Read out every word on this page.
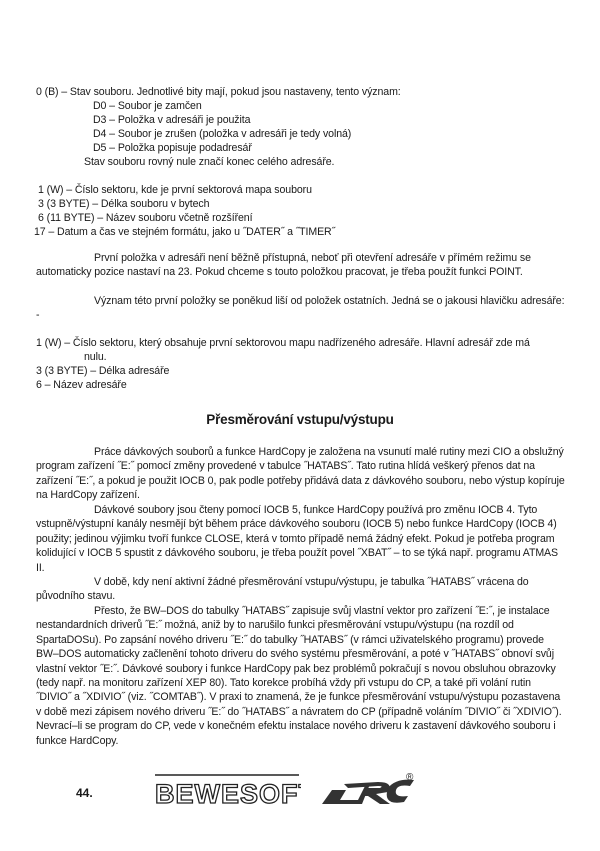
0 (B) – Stav souboru. Jednotlivé bity mají, pokud jsou nastaveny, tento význam:
D0 – Soubor je zamčen
D3 – Položka v adresáři je použita
D4 – Soubor je zrušen (položka v adresáři je tedy volná)
D5 – Položka popisuje podadresář
Stav souboru rovný nule značí konec celého adresáře.
1 (W) – Číslo sektoru, kde je první sektorová mapa souboru
3 (3 BYTE) – Délka souboru v bytech
6 (11 BYTE) – Název souboru včetně rozšíření
17 – Datum a čas ve stejném formátu, jako u ˝DATER˝ a ˝TIMER˝
První položka v adresáři není běžně přístupná, neboť při otevření adresáře v přímém režimu se automaticky pozice nastaví na 23. Pokud chceme s touto položkou pracovat, je třeba použít funkci POINT.
Význam této první položky se poněkud liší od položek ostatních. Jedná se o jakousi hlavičku adresáře: -
1 (W) – Číslo sektoru, který obsahuje první sektorovou mapu nadřízeného adresáře. Hlavní adresář zde má
nulu.
3 (3 BYTE) – Délka adresáře
6 – Název adresáře
Přesměrování vstupu/výstupu
Práce dávkových souborů a funkce HardCopy je založena na vsunutí malé rutiny mezi CIO a obslužný program zařízení ˝E:˝ pomocí změny provedené v tabulce ˝HATABS˝. Tato rutina hlídá veškerý přenos dat na zařízení ˝E:˝, a pokud je použit IOCB 0, pak podle potřeby přidává data z dávkového souboru, nebo výstup kopíruje na HardCopy zařízení.
Dávkové soubory jsou čteny pomocí IOCB 5, funkce HardCopy používá pro změnu IOCB 4. Tyto vstupně/výstupní kanály nesmějí být během práce dávkového souboru (IOCB 5) nebo funkce HardCopy (IOCB 4) použity; jedinou výjimku tvoří funkce CLOSE, která v tomto případě nemá žádný efekt. Pokud je potřeba program kolidující v IOCB 5 spustit z dávkového souboru, je třeba použít povel ˝XBAT˝ – to se týká např. programu ATMAS II.
V době, kdy není aktivní žádné přesměrování vstupu/výstupu, je tabulka ˝HATABS˝ vrácena do původního stavu.
Přesto, že BW–DOS do tabulky ˝HATABS˝ zapisuje svůj vlastní vektor pro zařízení ˝E:˝, je instalace nestandardních driverů ˝E:˝ možná, aniž by to narušilo funkci přesměrování vstupu/výstupu (na rozdíl od SpartaDOSu). Po zapsání nového driveru ˝E:˝ do tabulky ˝HATABS˝ (v rámci uživatelského programu) provede BW–DOS automaticky začlenění tohoto driveru do svého systému přesměrování, a poté v ˝HATABS˝ obnoví svůj vlastní vektor ˝E:˝. Dávkové soubory i funkce HardCopy pak bez problémů pokračují s novou obsluhou obrazovky (tedy např. na monitoru zařízení XEP 80). Tato korekce probíhá vždy při vstupu do CP, a také při volání rutin ˝DIVIO˝ a ˝XDIVIO˝ (viz. ˝COMTAB˝). V praxi to znamená, že je funkce přesměrování vstupu/výstupu pozastavena v době mezi zápisem nového driveru ˝E:˝ do ˝HATABS˝ a návratem do CP (případně voláním ˝DIVIO˝ či ˝XDIVIO˝). Nevrací–li se program do CP, vede v konečném efektu instalace nového driveru k zastavení dávkového souboru i funkce HardCopy.
44. BEWESOFT
®
